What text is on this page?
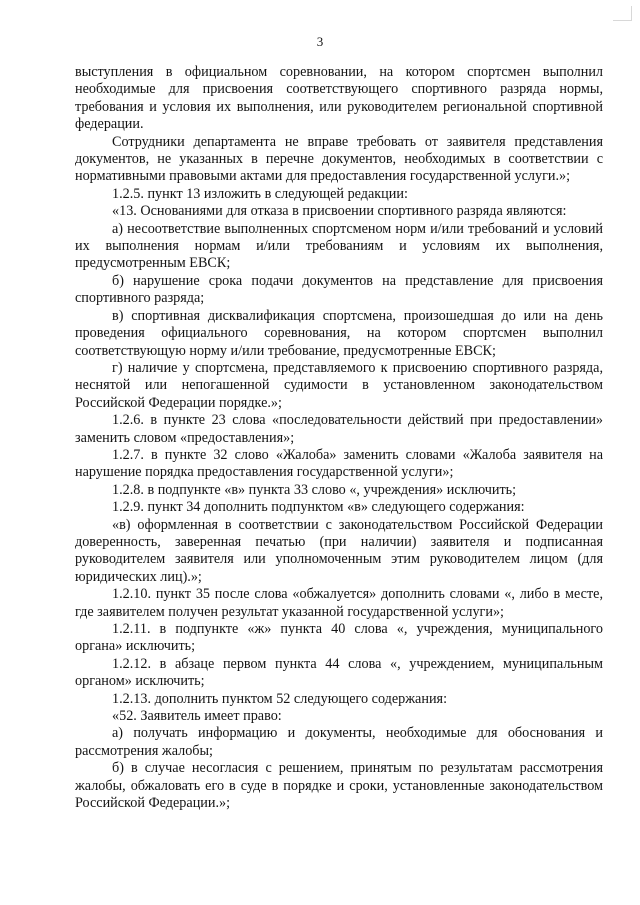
3

выступления в официальном соревновании, на котором спортсмен выполнил необходимые для присвоения соответствующего спортивного разряда нормы, требования и условия их выполнения, или руководителем региональной спортивной федерации.

Сотрудники департамента не вправе требовать от заявителя представления документов, не указанных в перечне документов, необходимых в соответствии с нормативными правовыми актами для предоставления государственной услуги.»;

1.2.5. пункт 13 изложить в следующей редакции:

«13. Основаниями для отказа в присвоении спортивного разряда являются:

а) несоответствие выполненных спортсменом норм и/или требований и условий их выполнения нормам и/или требованиям и условиям их выполнения, предусмотренным ЕВСК;

б) нарушение срока подачи документов на представление для присвоения спортивного разряда;

в) спортивная дисквалификация спортсмена, произошедшая до или на день проведения официального соревнования, на котором спортсмен выполнил соответствующую норму и/или требование, предусмотренные ЕВСК;

г) наличие у спортсмена, представляемого к присвоению спортивного разряда, неснятой или непогашенной судимости в установленном законодательством Российской Федерации порядке.»;

1.2.6. в пункте 23 слова «последовательности действий при предоставлении» заменить словом «предоставления»;

1.2.7. в пункте 32 слово «Жалоба» заменить словами «Жалоба заявителя на нарушение порядка предоставления государственной услуги»;

1.2.8. в подпункте «в» пункта 33 слово «, учреждения» исключить;

1.2.9. пункт 34 дополнить подпунктом «в» следующего содержания:

«в) оформленная в соответствии с законодательством Российской Федерации доверенность, заверенная печатью (при наличии) заявителя и подписанная руководителем заявителя или уполномоченным этим руководителем лицом (для юридических лиц).»;

1.2.10. пункт 35 после слова «обжалуется» дополнить словами «, либо в месте, где заявителем получен результат указанной государственной услуги»;

1.2.11. в подпункте «ж» пункта 40 слова «, учреждения, муниципального органа» исключить;

1.2.12. в абзаце первом пункта 44 слова «, учреждением, муниципальным органом» исключить;

1.2.13. дополнить пунктом 52 следующего содержания:

«52. Заявитель имеет право:

а) получать информацию и документы, необходимые для обоснования и рассмотрения жалобы;

б) в случае несогласия с решением, принятым по результатам рассмотрения жалобы, обжаловать его в суде в порядке и сроки, установленные законодательством Российской Федерации.»;
